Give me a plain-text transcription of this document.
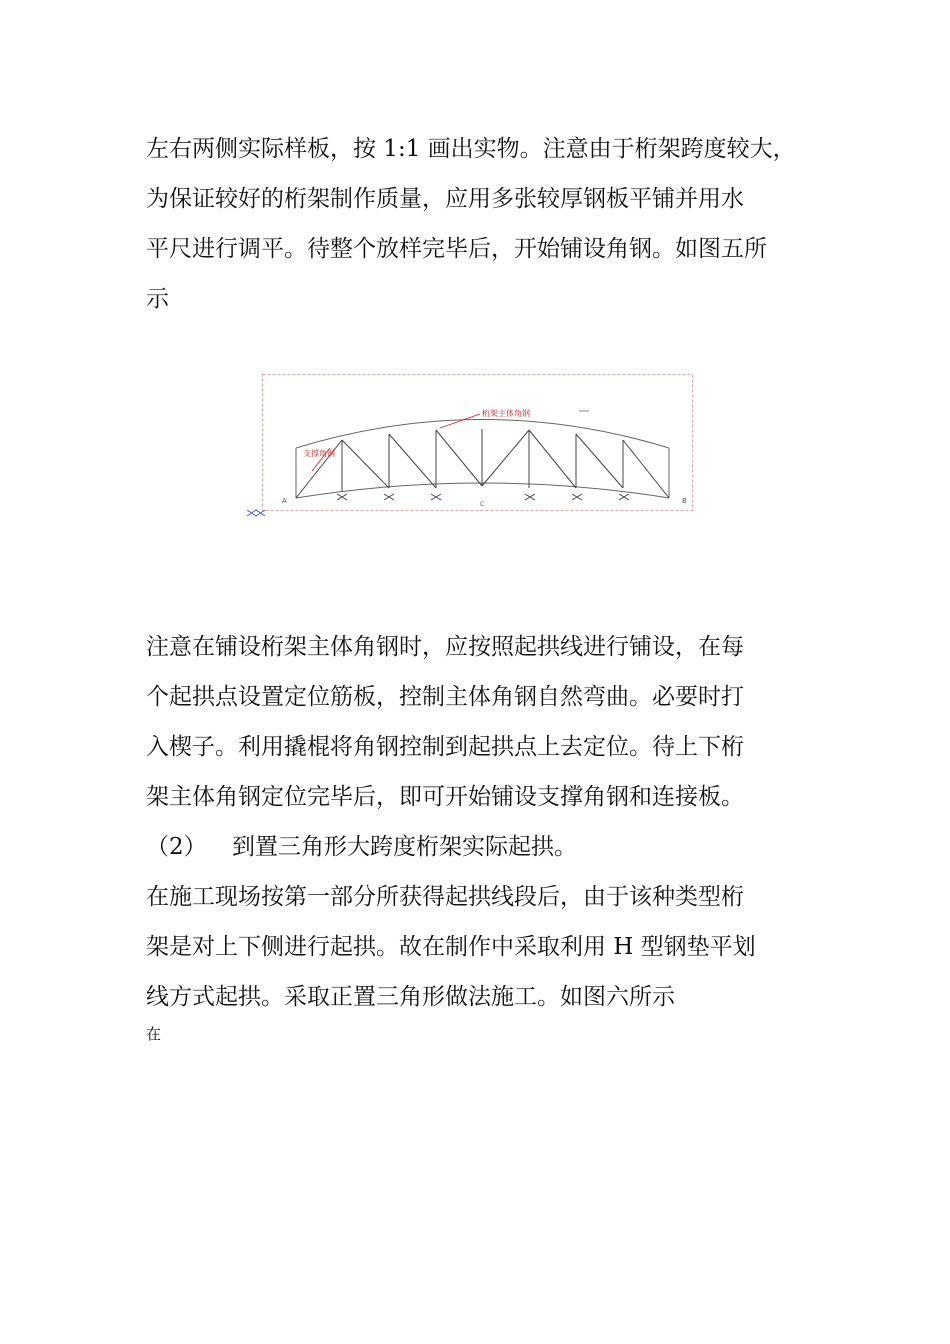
左右两侧实际样板，按 1:1 画出实物。注意由于桁架跨度较大，
为保证较好的桁架制作质量，应用多张较厚钢板平铺并用水
平尺进行调平。待整个放样完毕后，开始铺设角钢。如图五所
示
桁架主体角钢
支撑角钢
A	B
C
注意在铺设桁架主体角钢时，应按照起拱线进行铺设，在每
个起拱点设置定位筋板，控制主体角钢自然弯曲。必要时打
入楔子。利用撬棍将角钢控制到起拱点上去定位。待上下桁
架主体角钢定位完毕后，即可开始铺设支撑角钢和连接板。
（2） 到置三角形大跨度桁架实际起拱。
在施工现场按第一部分所获得起拱线段后，由于该种类型桁
架是对上下侧进行起拱。故在制作中采取利用 H 型钢垫平划
线方式起拱。采取正置三角形做法施工。如图六所示
在
